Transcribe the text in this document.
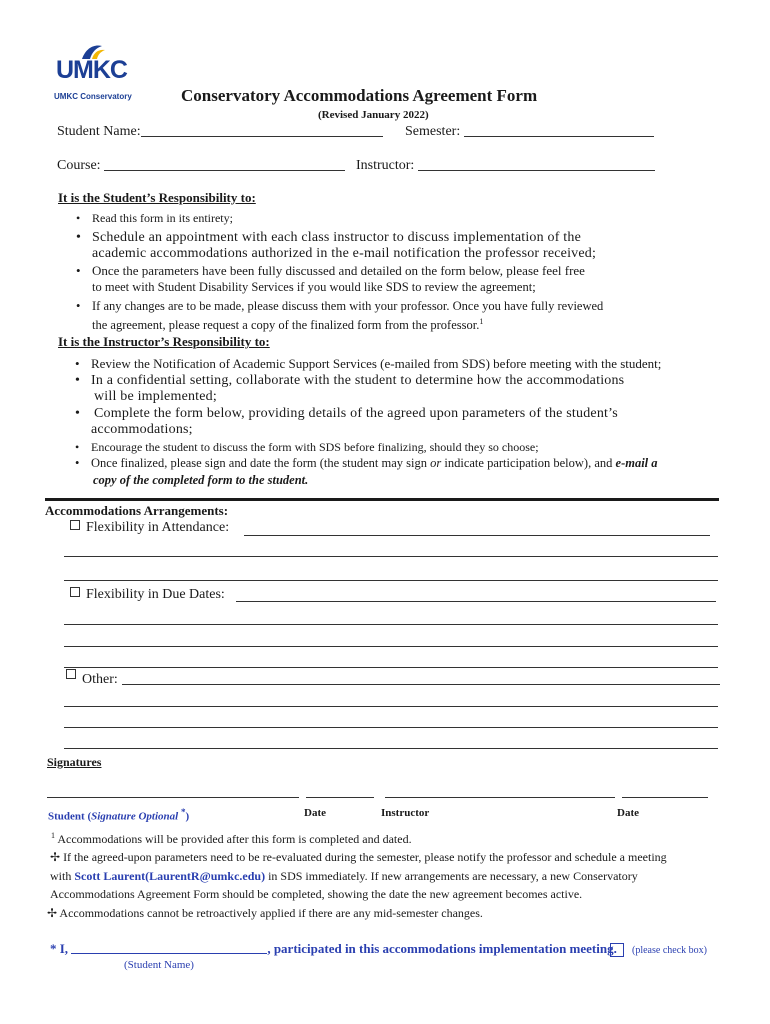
UMKC
UMKC Conservatory	Conservatory Accommodations Agreement Form
(Revised January 2022)
Student Name:	Semester:
Course:	Instructor:
It is the Student’s Responsibility to:
• Read this form in its entirety;
• Schedule an appointment with each class instructor to discuss implementation of the
academic accommodations authorized in the e-mail notification the professor received;
• Once the parameters have been fully discussed and detailed on the form below, please feel free
to meet with Student Disability Services if you would like SDS to review the agreement;
• If any changes are to be made, please discuss them with your professor. Once you have fully reviewed
the agreement, please request a copy of the finalized form from the professor.$^1$
It is the Instructor’s Responsibility to:
• Review the Notification of Academic Support Services (e-mailed from SDS) before meeting with the student;
• In a confidential setting, collaborate with the student to determine how the accommodations
will be implemented;
• Complete the form below, providing details of the agreed upon parameters of the student’s
accommodations;
• Encourage the student to discuss the form with SDS before finalizing, should they so choose;
• Once finalized, please sign and date the form (the student may sign or indicate participation below), and e-mail a
copy of the completed form to the student.
Accommodations Arrangements:
Flexibility in Attendance:
Flexibility in Due Dates:
Other:
Signatures
Student (Signature Optional *)	Date	Instructor	Date
$^1$ Accommodations will be provided after this form is completed and dated.
✢ If the agreed-upon parameters need to be re-evaluated during the semester, please notify the professor and schedule a meeting
with Scott Laurent(LaurentR@umkc.edu) in SDS immediately. If new arrangements are necessary, a new Conservatory
Accommodations Agreement Form should be completed, showing the date the new agreement becomes active.
✢ Accommodations cannot be retroactively applied if there are any mid-semester changes.
* I,	, participated in this accommodations implementation meeting. (please check box)
(Student Name)
